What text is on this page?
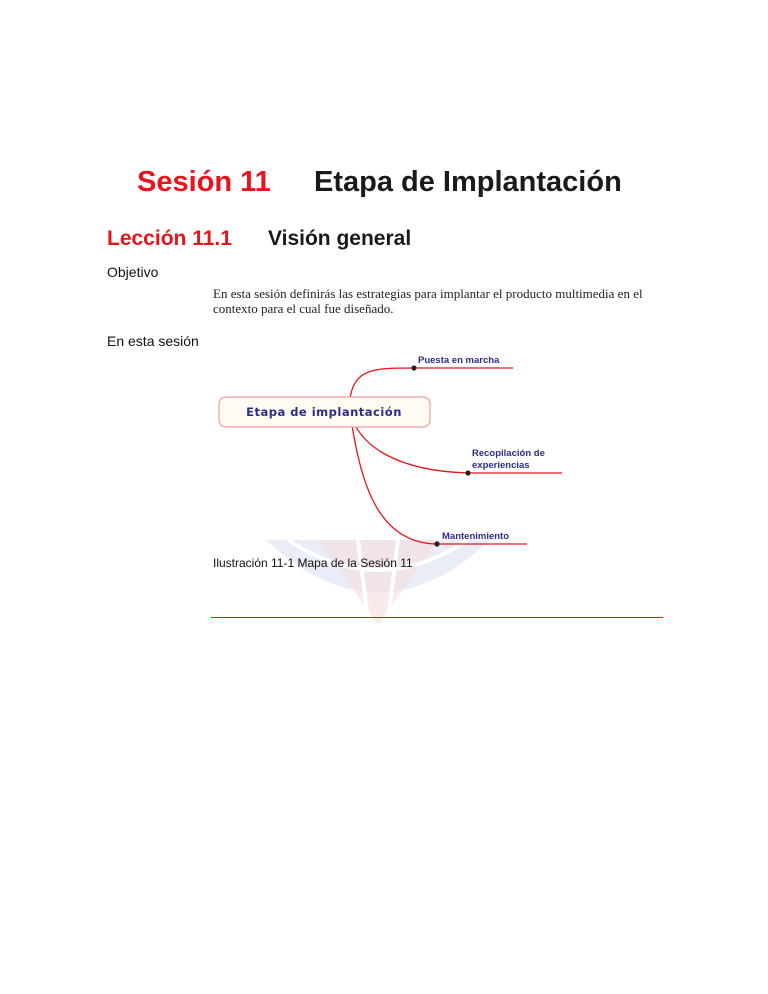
Sesión 11 Etapa de Implantación
Lección 11.1 Visión general
Objetivo
En esta sesión definirás las estrategias para implantar el producto multimedia en el contexto para el cual fue diseñado.
En esta sesión
Etapa de implantación
Puesta en marcha
Recopilación de
experiencias
Mantenimiento
Ilustración 11-1 Mapa de la Sesión 11
